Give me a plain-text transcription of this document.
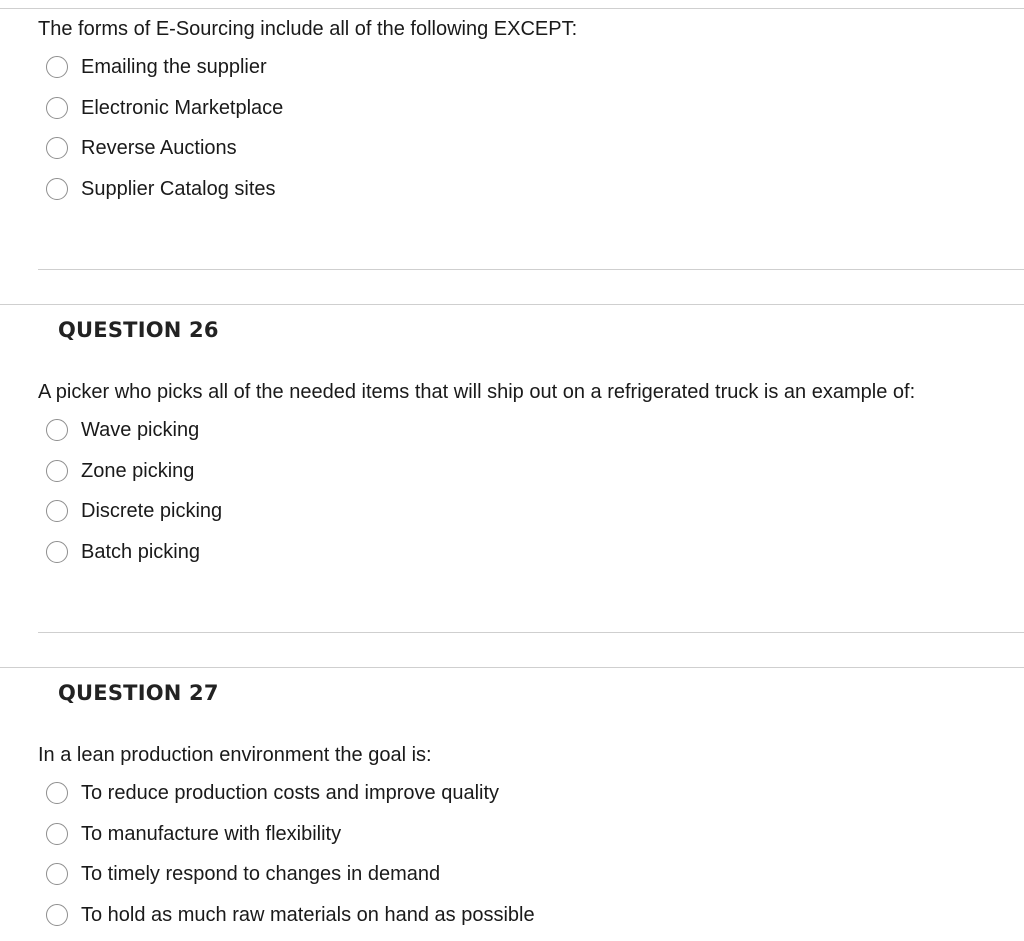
The forms of E-Sourcing include all of the following EXCEPT:
Emailing the supplier
Electronic Marketplace
Reverse Auctions
Supplier Catalog sites
QUESTION 26
A picker who picks all of the needed items that will ship out on a refrigerated truck is an example of:
Wave picking
Zone picking
Discrete picking
Batch picking
QUESTION 27
In a lean production environment the goal is:
To reduce production costs and improve quality
To manufacture with flexibility
To timely respond to changes in demand
To hold as much raw materials on hand as possible
